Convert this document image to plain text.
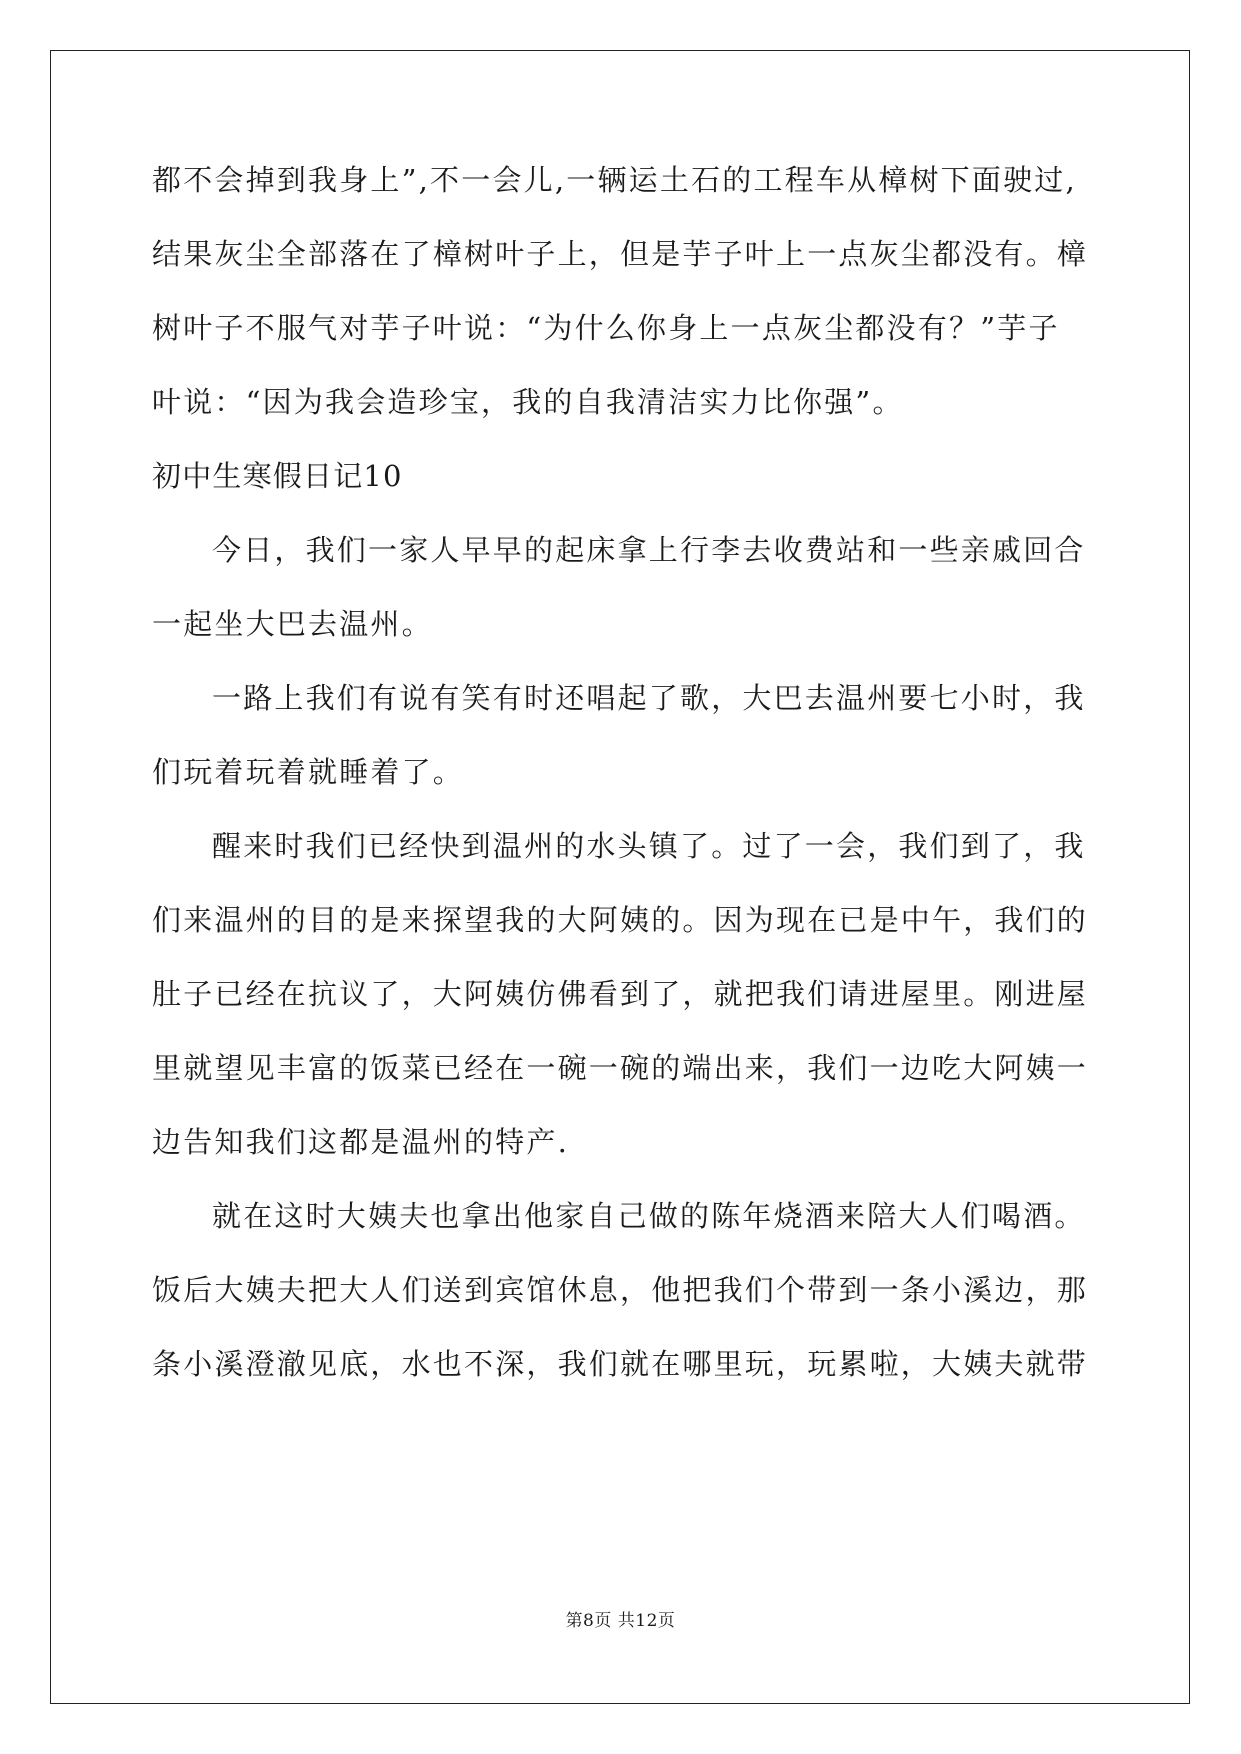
都不会掉到我身上”,不一会儿,一辆运土石的工程车从樟树下面驶过,
结果灰尘全部落在了樟树叶子上，但是芋子叶上一点灰尘都没有。樟
树叶子不服气对芋子叶说：“为什么你身上一点灰尘都没有？”芋子
叶说：“因为我会造珍宝，我的自我清洁实力比你强”。
初中生寒假日记10
今日，我们一家人早早的起床拿上行李去收费站和一些亲戚回合
一起坐大巴去温州。
一路上我们有说有笑有时还唱起了歌，大巴去温州要七小时，我
们玩着玩着就睡着了。
醒来时我们已经快到温州的水头镇了。过了一会，我们到了，我
们来温州的目的是来探望我的大阿姨的。因为现在已是中午，我们的
肚子已经在抗议了，大阿姨仿佛看到了，就把我们请进屋里。刚进屋
里就望见丰富的饭菜已经在一碗一碗的端出来，我们一边吃大阿姨一
边告知我们这都是温州的特产.
就在这时大姨夫也拿出他家自己做的陈年烧酒来陪大人们喝酒。
饭后大姨夫把大人们送到宾馆休息，他把我们个带到一条小溪边，那
条小溪澄澈见底，水也不深，我们就在哪里玩，玩累啦，大姨夫就带
第8页 共12页
